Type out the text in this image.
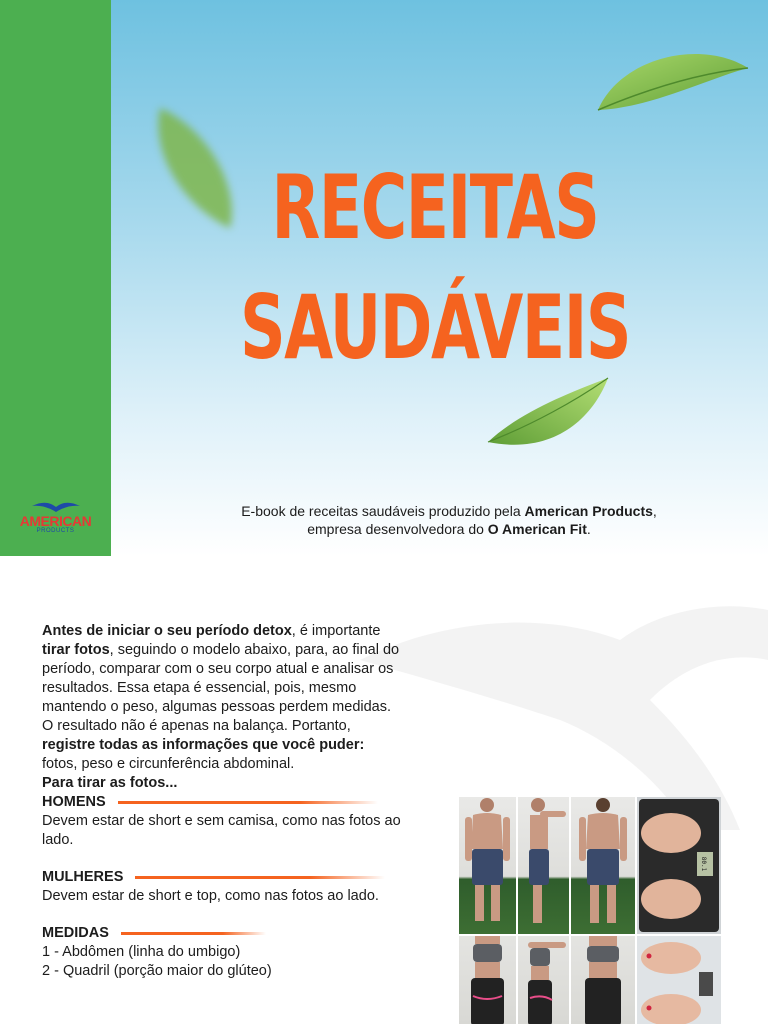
AMERICAN
PRODUCTS
RECEITAS
SAUDÁVEIS
E-book de receitas saudáveis produzido pela American Products,
empresa desenvolvedora do O American Fit.

Antes de iniciar o seu período detox, é importante tirar fotos, seguindo o modelo abaixo, para, ao final do período, comparar com o seu corpo atual e analisar os resultados. Essa etapa é essencial, pois, mesmo mantendo o peso, algumas pessoas perdem medidas.

O resultado não é apenas na balança. Portanto, registre todas as informações que você puder: fotos, peso e circunferência abdominal.

Para tirar as fotos...

HOMENS

Devem estar de short e sem camisa, como nas fotos ao lado.

MULHERES

Devem estar de short e top, como nas fotos ao lado.

MEDIDAS

1 - Abdômen (linha do umbigo)

2 - Quadril (porção maior do glúteo)

80.1
